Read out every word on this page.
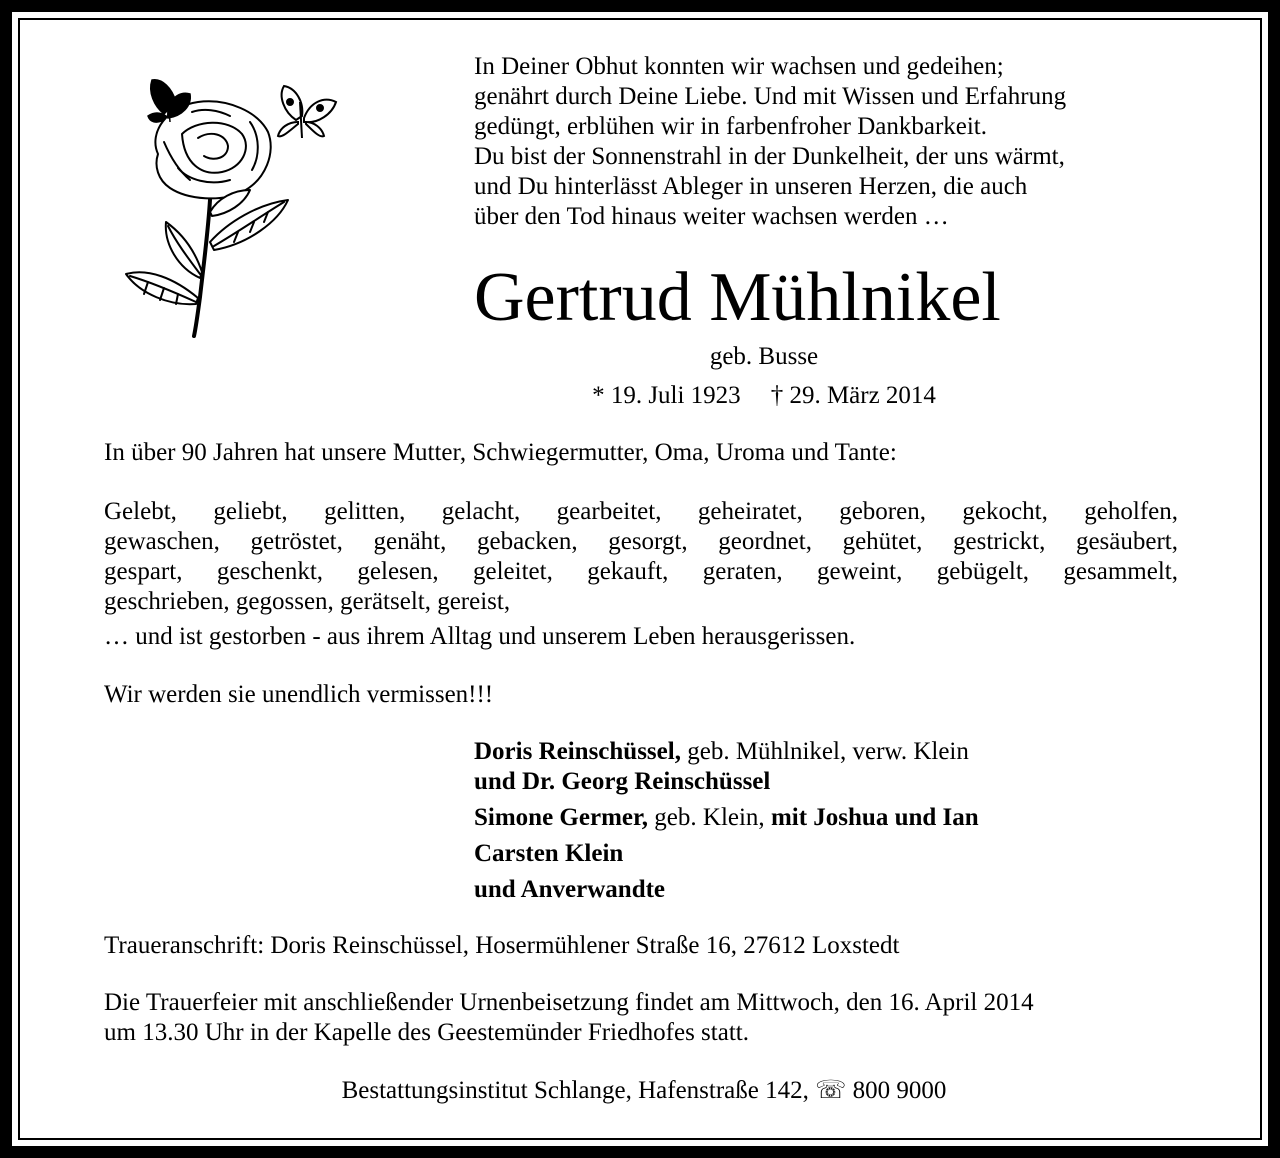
In Deiner Obhut konnten wir wachsen und gedeihen;
genährt durch Deine Liebe. Und mit Wissen und Erfahrung
gedüngt, erblühen wir in farbenfroher Dankbarkeit.
Du bist der Sonnenstrahl in der Dunkelheit, der uns wärmt,
und Du hinterlässt Ableger in unseren Herzen, die auch
über den Tod hinaus weiter wachsen werden …
Gertrud Mühlnikel
geb. Busse
* 19. Juli 1923 † 29. März 2014
In über 90 Jahren hat unsere Mutter, Schwiegermutter, Oma, Uroma und Tante:
Gelebt, geliebt, gelitten, gelacht, gearbeitet, geheiratet, geboren, gekocht, geholfen,
gewaschen, getröstet, genäht, gebacken, gesorgt, geordnet, gehütet, gestrickt, gesäubert,
gespart, geschenkt, gelesen, geleitet, gekauft, geraten, geweint, gebügelt, gesammelt,
geschrieben, gegossen, gerätselt, gereist,
… und ist gestorben - aus ihrem Alltag und unserem Leben herausgerissen.
Wir werden sie unendlich vermissen!!!
Doris Reinschüssel, geb. Mühlnikel, verw. Klein
und Dr. Georg Reinschüssel
Simone Germer, geb. Klein, mit Joshua und Ian
Carsten Klein
und Anverwandte
Traueranschrift: Doris Reinschüssel, Hosermühlener Straße 16, 27612 Loxstedt
Die Trauerfeier mit anschließender Urnenbeisetzung findet am Mittwoch, den 16. April 2014
um 13.30 Uhr in der Kapelle des Geestemünder Friedhofes statt.
Bestattungsinstitut Schlange, Hafenstraße 142, ☏ 800 9000
